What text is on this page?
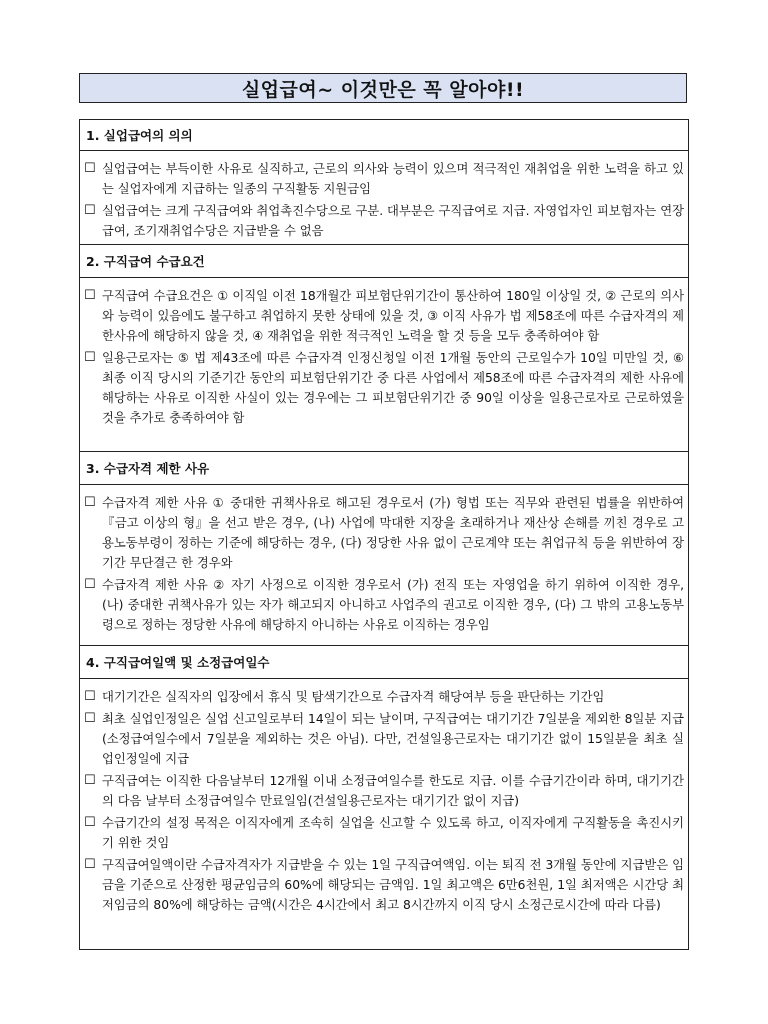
실업급여~ 이것만은 꼭 알아야!!
1. 실업급여의 의의
☐ 실업급여는 부득이한 사유로 실직하고, 근로의 의사와 능력이 있으며 적극적인 재취업을 위한 노력을 하고 있는 실업자에게 지급하는 일종의 구직활동 지원금임
☐ 실업급여는 크게 구직급여와 취업촉진수당으로 구분. 대부분은 구직급여로 지급. 자영업자인 피보험자는 연장급여, 조기재취업수당은 지급받을 수 없음
2. 구직급여 수급요건
☐ 구직급여 수급요건은 ① 이직일 이전 18개월간 피보험단위기간이 통산하여 180일 이상일 것, ② 근로의 의사와 능력이 있음에도 불구하고 취업하지 못한 상태에 있을 것, ③ 이직 사유가 법 제58조에 따른 수급자격의 제한사유에 해당하지 않을 것, ④ 재취업을 위한 적극적인 노력을 할 것 등을 모두 충족하여야 함
☐ 일용근로자는 ⑤ 법 제43조에 따른 수급자격 인정신청일 이전 1개월 동안의 근로일수가 10일 미만일 것, ⑥ 최종 이직 당시의 기준기간 동안의 피보험단위기간 중 다른 사업에서 제58조에 따른 수급자격의 제한 사유에 해당하는 사유로 이직한 사실이 있는 경우에는 그 피보험단위기간 중 90일 이상을 일용근로자로 근로하였을 것을 추가로 충족하여야 함
3. 수급자격 제한 사유
☐ 수급자격 제한 사유 ① 중대한 귀책사유로 해고된 경우로서 (가) 형법 또는 직무와 관련된 법률을 위반하여 『금고 이상의 형』을 선고 받은 경우, (나) 사업에 막대한 지장을 초래하거나 재산상 손해를 끼친 경우로 고용노동부령이 정하는 기준에 해당하는 경우, (다) 정당한 사유 없이 근로계약 또는 취업규칙 등을 위반하여 장기간 무단결근 한 경우와
☐ 수급자격 제한 사유 ② 자기 사정으로 이직한 경우로서 (가) 전직 또는 자영업을 하기 위하여 이직한 경우, (나) 중대한 귀책사유가 있는 자가 해고되지 아니하고 사업주의 권고로 이직한 경우, (다) 그 밖의 고용노동부령으로 정하는 정당한 사유에 해당하지 아니하는 사유로 이직하는 경우임
4. 구직급여일액 및 소정급여일수
☐ 대기기간은 실직자의 입장에서 휴식 및 탐색기간으로 수급자격 해당여부 등을 판단하는 기간임
☐ 최초 실업인정일은 실업 신고일로부터 14일이 되는 날이며, 구직급여는 대기기간 7일분을 제외한 8일분 지급(소정급여일수에서 7일분을 제외하는 것은 아님). 다만, 건설일용근로자는 대기기간 없이 15일분을 최초 실업인정일에 지급
☐ 구직급여는 이직한 다음날부터 12개월 이내 소정급여일수를 한도로 지급. 이를 수급기간이라 하며, 대기기간의 다음 날부터 소정급여일수 만료일임(건설일용근로자는 대기기간 없이 지급)
☐ 수급기간의 설정 목적은 이직자에게 조속히 실업을 신고할 수 있도록 하고, 이직자에게 구직활동을 촉진시키기 위한 것임
☐ 구직급여일액이란 수급자격자가 지급받을 수 있는 1일 구직급여액임. 이는 퇴직 전 3개월 동안에 지급받은 임금을 기준으로 산정한 평균임금의 60%에 해당되는 금액임. 1일 최고액은 6만6천원, 1일 최저액은 시간당 최저임금의 80%에 해당하는 금액(시간은 4시간에서 최고 8시간까지 이직 당시 소정근로시간에 따라 다름)
